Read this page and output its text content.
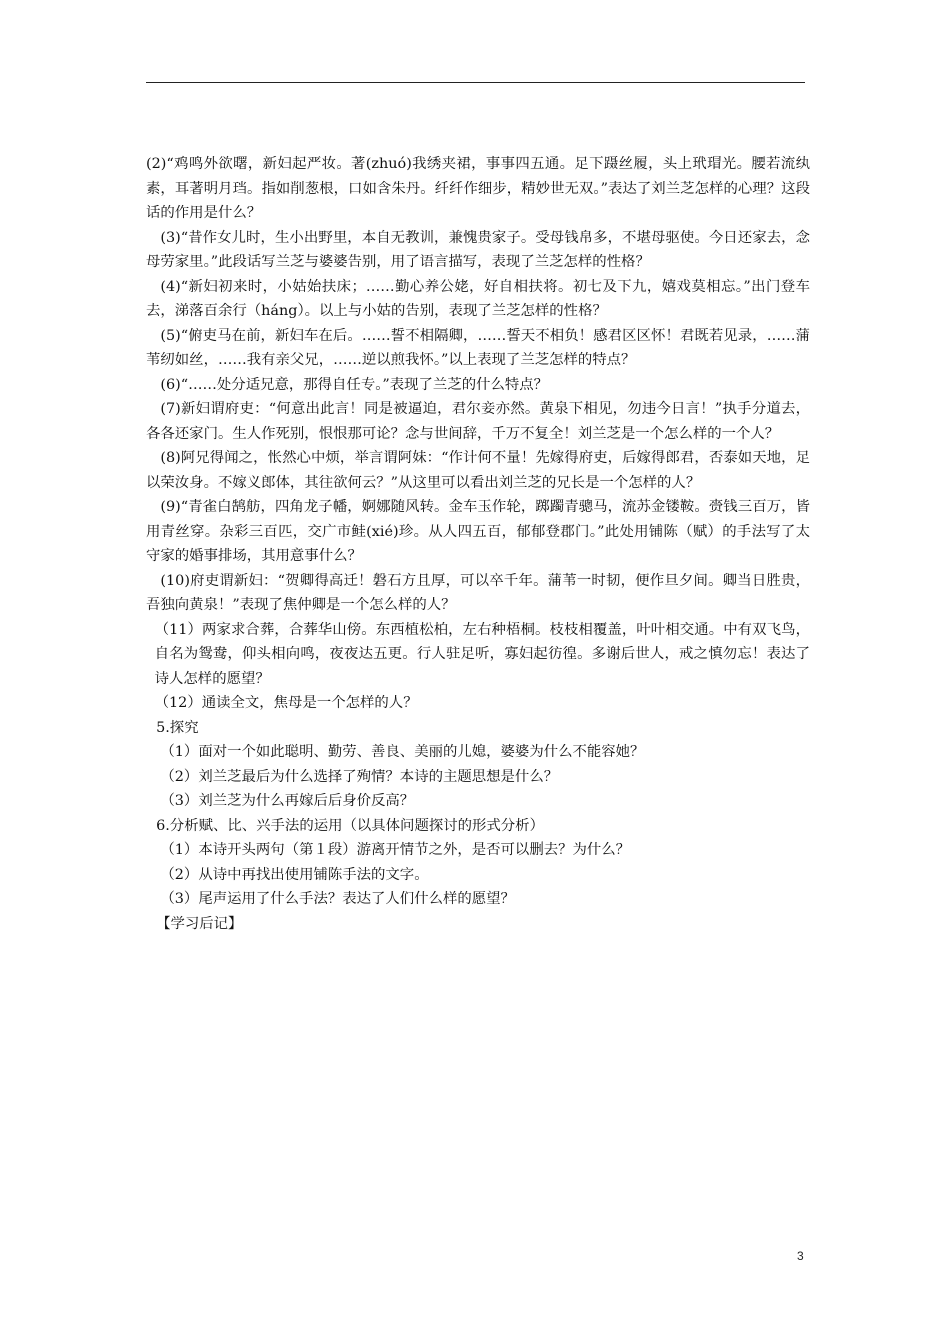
(2)“鸡鸣外欲曙，新妇起严妆。著(zhuó)我绣夹裙，事事四五通。足下蹑丝履，头上玳瑁光。腰若流纨素，耳著明月珰。指如削葱根，口如含朱丹。纤纤作细步，精妙世无双。”表达了刘兰芝怎样的心理？这段话的作用是什么？

(3)“昔作女儿时，生小出野里，本自无教训，兼愧贵家子。受母钱帛多，不堪母驱使。今日还家去，念母劳家里。”此段话写兰芝与婆婆告别，用了语言描写，表现了兰芝怎样的性格？

(4)“新妇初来时，小姑始扶床；……勤心养公姥，好自相扶将。初七及下九，嬉戏莫相忘。”出门登车去，涕落百余行（háng）。以上与小姑的告别，表现了兰芝怎样的性格？

(5)“俯吏马在前，新妇车在后。……誓不相隔卿，……誓天不相负！感君区区怀！君既若见录，……蒲苇纫如丝，……我有亲父兄，……逆以煎我怀。”以上表现了兰芝怎样的特点？

(6)“……处分适兄意，那得自任专。”表现了兰芝的什么特点？

(7)新妇谓府吏：“何意出此言！同是被逼迫，君尔妾亦然。黄泉下相见，勿违今日言！”执手分道去，各各还家门。生人作死别，恨恨那可论？念与世间辞，千万不复全！刘兰芝是一个怎么样的一个人？

(8)阿兄得闻之，怅然心中烦，举言谓阿妹：“作计何不量！先嫁得府吏，后嫁得郎君，否泰如天地，足以荣汝身。不嫁义郎体，其往欲何云？”从这里可以看出刘兰芝的兄长是一个怎样的人？

(9)“青雀白鹄舫，四角龙子幡，婀娜随风转。金车玉作轮，踯躅青骢马，流苏金镂鞍。赍钱三百万，皆用青丝穿。杂彩三百匹，交广市鲑(xié)珍。从人四五百，郁郁登郡门。”此处用铺陈（赋）的手法写了太守家的婚事排场，其用意事什么？

(10)府吏谓新妇：“贺卿得高迁！磐石方且厚，可以卒千年。蒲苇一时韧，便作旦夕间。卿当日胜贵，吾独向黄泉！”表现了焦仲卿是一个怎么样的人？

（11）两家求合葬，合葬华山傍。东西植松柏，左右种梧桐。枝枝相覆盖，叶叶相交通。中有双飞鸟，自名为鸳鸯，仰头相向鸣，夜夜达五更。行人驻足听，寡妇起彷徨。多谢后世人，戒之慎勿忘！表达了诗人怎样的愿望？

（12）通读全文，焦母是一个怎样的人？

5.探究

（1）面对一个如此聪明、勤劳、善良、美丽的儿媳，婆婆为什么不能容她？
（2）刘兰芝最后为什么选择了殉情？本诗的主题思想是什么？
（3）刘兰芝为什么再嫁后后身价反高？

6.分析赋、比、兴手法的运用（以具体问题探讨的形式分析）

（1）本诗开头两句（第１段）游离开情节之外，是否可以删去？为什么？
（2）从诗中再找出使用铺陈手法的文字。
（3）尾声运用了什么手法？表达了人们什么样的愿望？

【学习后记】

3
